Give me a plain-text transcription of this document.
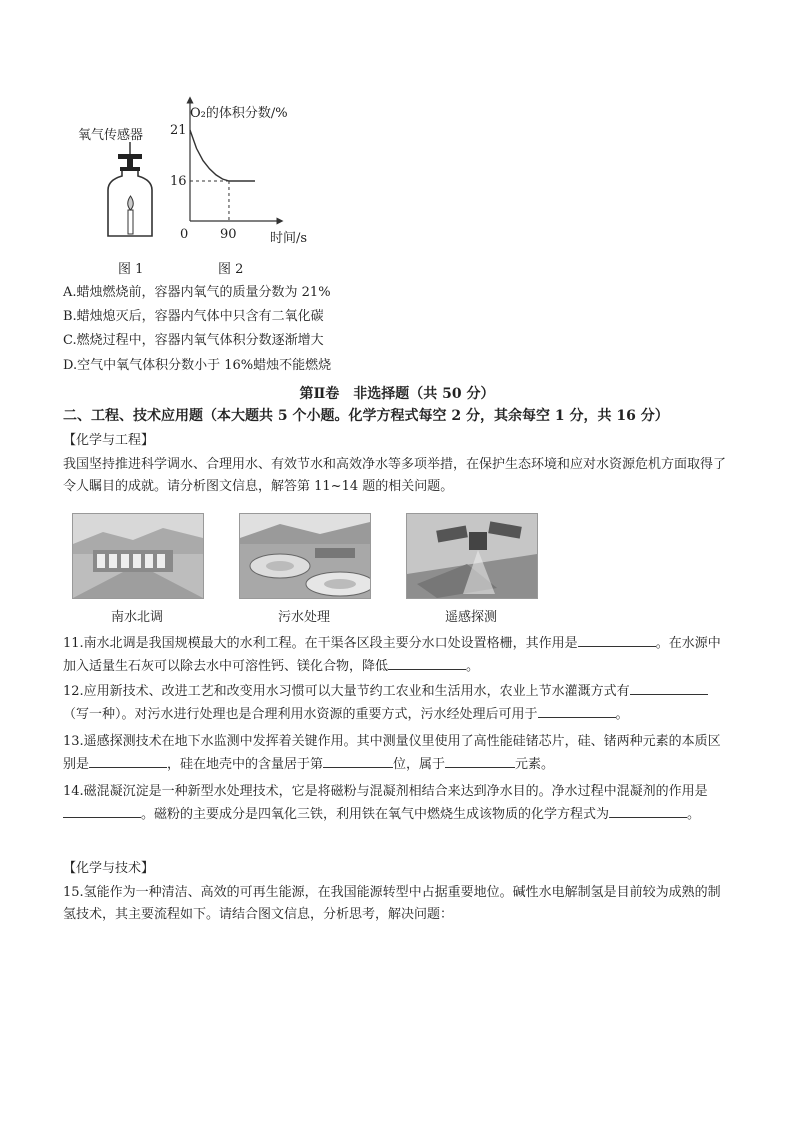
氧气传感器
图 1
O₂的体积分数/%
21
16
0 90	时间/s
图 2
A.蜡烛燃烧前，容器内氧气的质量分数为 21%
B.蜡烛熄灭后，容器内气体中只含有二氧化碳
C.燃烧过程中，容器内氧气体积分数逐渐增大
D.空气中氧气体积分数小于 16%蜡烛不能燃烧
第Ⅱ卷　非选择题（共 50 分）
二、工程、技术应用题（本大题共 5 个小题。化学方程式每空 2 分，其余每空 1 分，共 16 分）
【化学与工程】
我国坚持推进科学调水、合理用水、有效节水和高效净水等多项举措，在保护生态环境和应对水资源危机方面取得了令人瞩目的成就。请分析图文信息，解答第 11~14 题的相关问题。
南水北调	污水处理	遥感探测
11.南水北调是我国规模最大的水利工程。在干渠各区段主要分水口处设置格栅，其作用是	。在水源中加入适量生石灰可以除去水中可溶性钙、镁化合物，降低	。
12.应用新技术、改进工艺和改变用水习惯可以大量节约工农业和生活用水，农业上节水灌溉方式有（写一种）。对污水进行处理也是合理利用水资源的重要方式，污水经处理后可用于	。
13.遥感探测技术在地下水监测中发挥着关键作用。其中测量仪里使用了高性能硅锗芯片，硅、锗两种元素的本质区别是	，硅在地壳中的含量居于第	位，属于	元素。
14.磁混凝沉淀是一种新型水处理技术，它是将磁粉与混凝剂相结合来达到净水目的。净水过程中混凝剂的作用是。磁粉的主要成分是四氧化三铁，利用铁在氧气中燃烧生成该物质的化学方程式为	。
【化学与技术】
15.氢能作为一种清洁、高效的可再生能源，在我国能源转型中占据重要地位。碱性水电解制氢是目前较为成熟的制氢技术，其主要流程如下。请结合图文信息，分析思考，解决问题：
